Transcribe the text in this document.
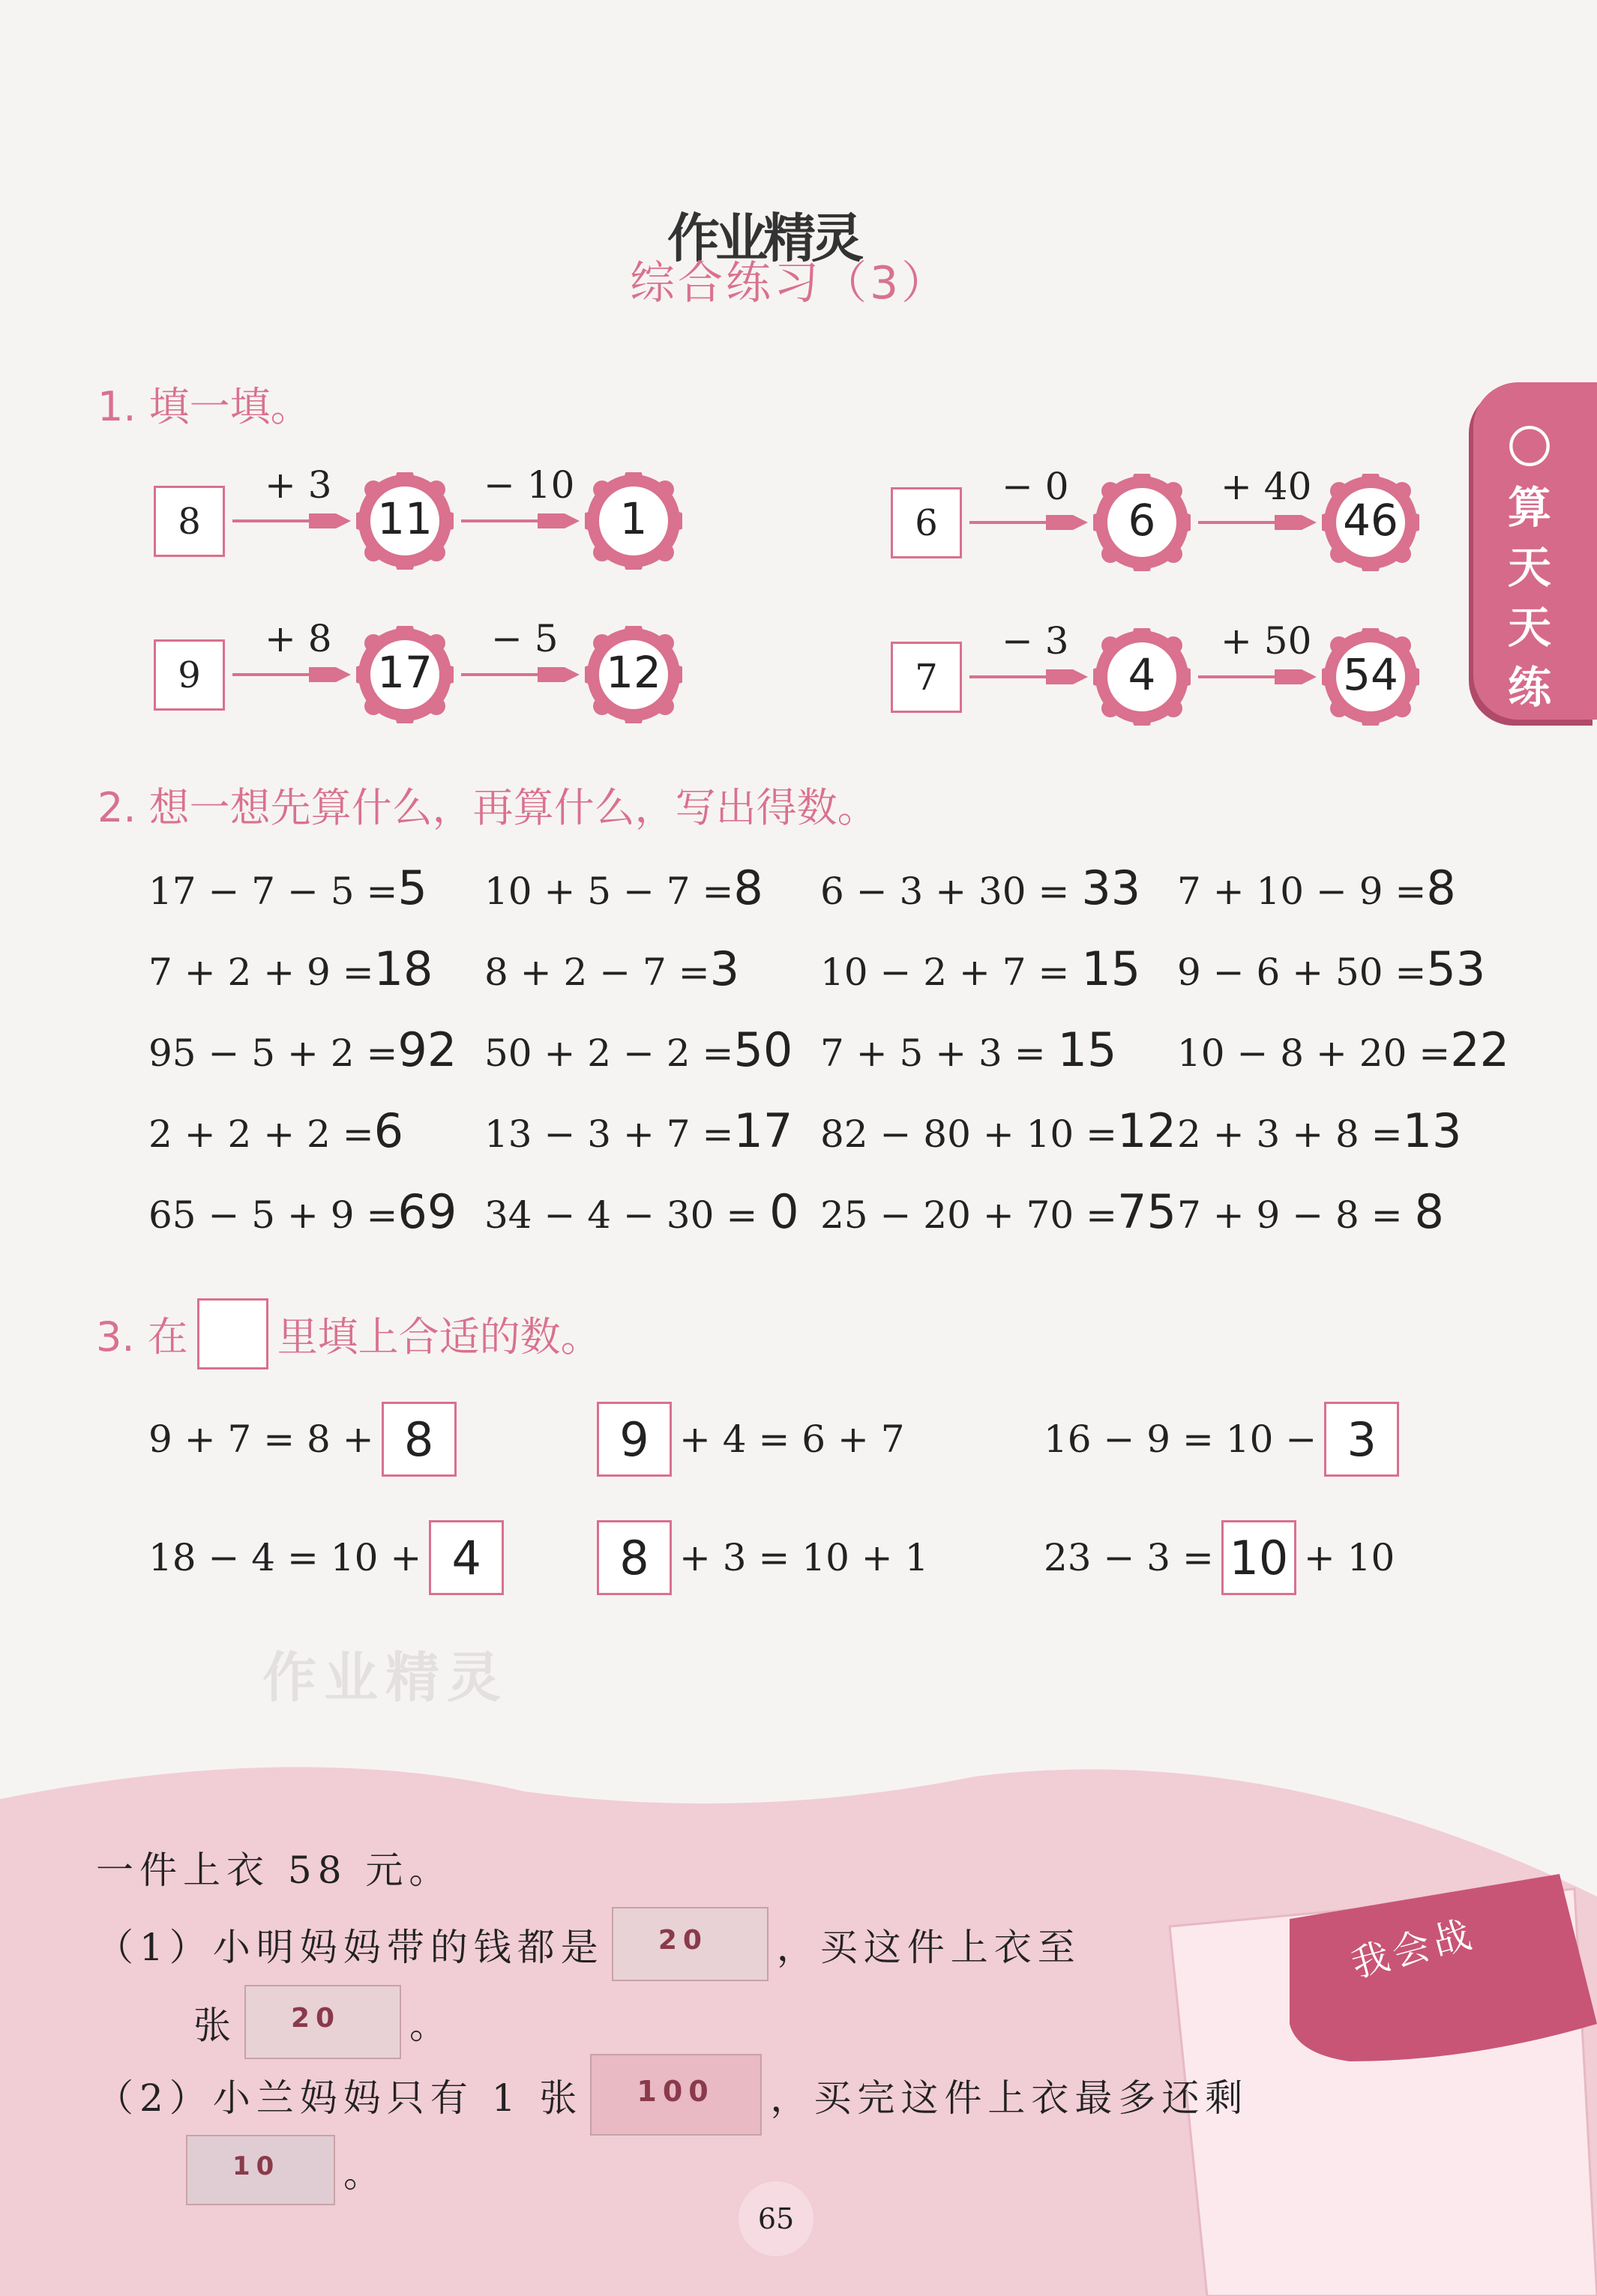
作业精灵
综合练习（3）
〇
算
天
天
练
1. 填一填。
8
+ 3
11
− 10
1	6
− 0
6
+ 40
46
9
+ 8
17
− 5
12	7
− 3
4
+ 50
54
2. 想一想先算什么，再算什么，写出得数。
17 − 7 − 5 =5 10 + 5 − 7 =8 6 − 3 + 30 = 33 7 + 10 − 9 =8
7 + 2 + 9 =18 8 + 2 − 7 =3 10 − 2 + 7 = 15 9 − 6 + 50 =53
95 − 5 + 2 =92 50 + 2 − 2 =50 7 + 5 + 3 = 15 10 − 8 + 20 =22
2 + 2 + 2 =6 13 − 3 + 7 =17 82 − 80 + 10 =12 2 + 3 + 8 =13
65 − 5 + 9 =69 34 − 4 − 30 = 0 25 − 20 + 70 =75 7 + 9 − 8 = 8
3. 在 里填上合适的数。
9 + 7 = 8 + 8	9 + 4 = 6 + 7	16 − 9 = 10 − 3
18 − 4 = 10 + 4	8 + 3 = 10 + 1	23 − 3 = 10 + 10
作业精灵
我会战
一件上衣 58 元。
（1）小明妈妈带的钱都是 20 ，买这件上衣至
张 20 。
（2）小兰妈妈只有 1 张 100 ，买完这件上衣最多还剩
10 。
65
